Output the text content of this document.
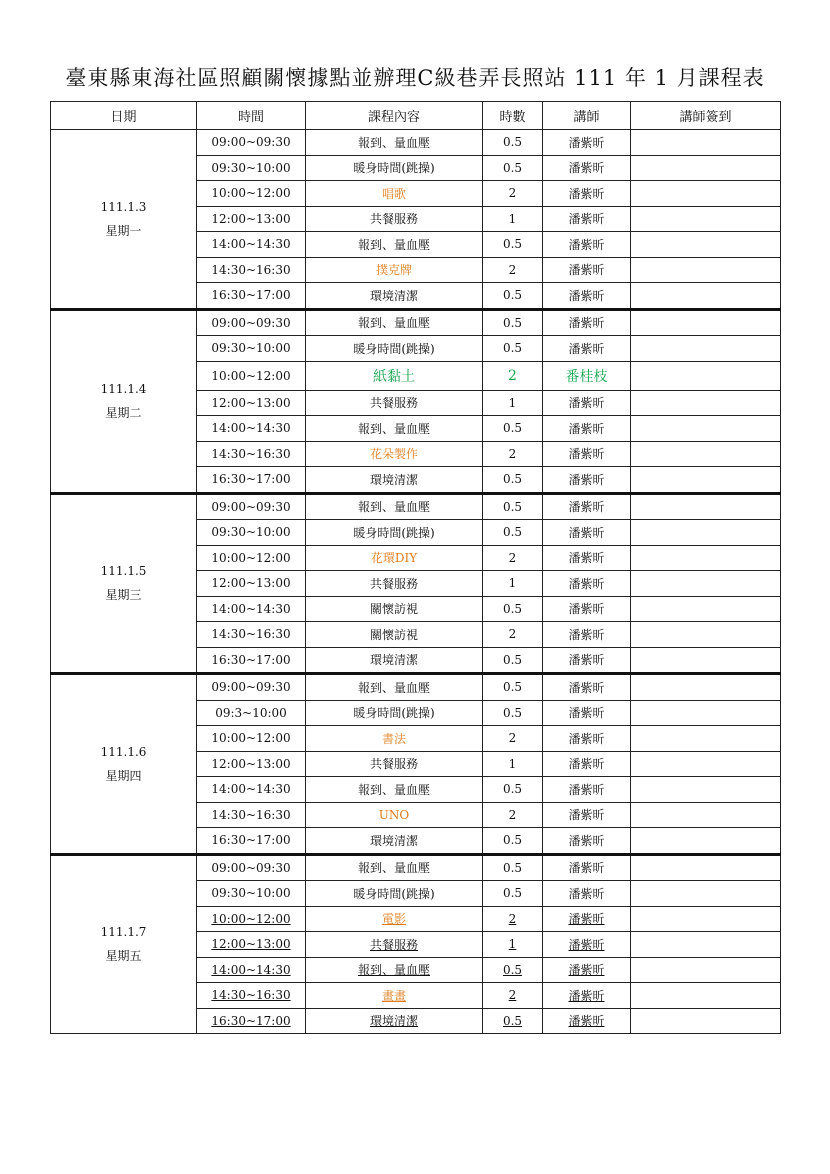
臺東縣東海社區照顧關懷據點並辦理C級巷弄長照站 111 年 1 月課程表
日期	時間	課程內容	時數	講師	講師簽到

111.1.3
星期一	09:00~09:30	報到、量血壓	0.5	潘紫昕	
	09:30~10:00	暖身時間(跳操)	0.5	潘紫昕	
	10:00~12:00	唱歌	2	潘紫昕	
	12:00~13:00	共餐服務	1	潘紫昕	
	14:00~14:30	報到、量血壓	0.5	潘紫昕	
	14:30~16:30	撲克牌	2	潘紫昕	
	16:30~17:00	環境清潔	0.5	潘紫昕	

111.1.4
星期二	09:00~09:30	報到、量血壓	0.5	潘紫昕	
	09:30~10:00	暖身時間(跳操)	0.5	潘紫昕	
	10:00~12:00	紙黏土	2	番桂枝	
	12:00~13:00	共餐服務	1	潘紫昕	
	14:00~14:30	報到、量血壓	0.5	潘紫昕	
	14:30~16:30	花朵製作	2	潘紫昕	
	16:30~17:00	環境清潔	0.5	潘紫昕	

111.1.5
星期三	09:00~09:30	報到、量血壓	0.5	潘紫昕	
	09:30~10:00	暖身時間(跳操)	0.5	潘紫昕	
	10:00~12:00	花環DIY	2	潘紫昕	
	12:00~13:00	共餐服務	1	潘紫昕	
	14:00~14:30	關懷訪視	0.5	潘紫昕	
	14:30~16:30	關懷訪視	2	潘紫昕	
	16:30~17:00	環境清潔	0.5	潘紫昕	

111.1.6
星期四	09:00~09:30	報到、量血壓	0.5	潘紫昕	
	09:3~10:00	暖身時間(跳操)	0.5	潘紫昕	
	10:00~12:00	書法	2	潘紫昕	
	12:00~13:00	共餐服務	1	潘紫昕	
	14:00~14:30	報到、量血壓	0.5	潘紫昕	
	14:30~16:30	UNO	2	潘紫昕	
	16:30~17:00	環境清潔	0.5	潘紫昕	

111.1.7
星期五	09:00~09:30	報到、量血壓	0.5	潘紫昕	
	09:30~10:00	暖身時間(跳操)	0.5	潘紫昕	
	10:00~12:00	電影	2	潘紫昕	
	12:00~13:00	共餐服務	1	潘紫昕	
	14:00~14:30	報到、量血壓	0.5	潘紫昕	
	14:30~16:30	畫畫	2	潘紫昕	
	16:30~17:00	環境清潔	0.5	潘紫昕	
